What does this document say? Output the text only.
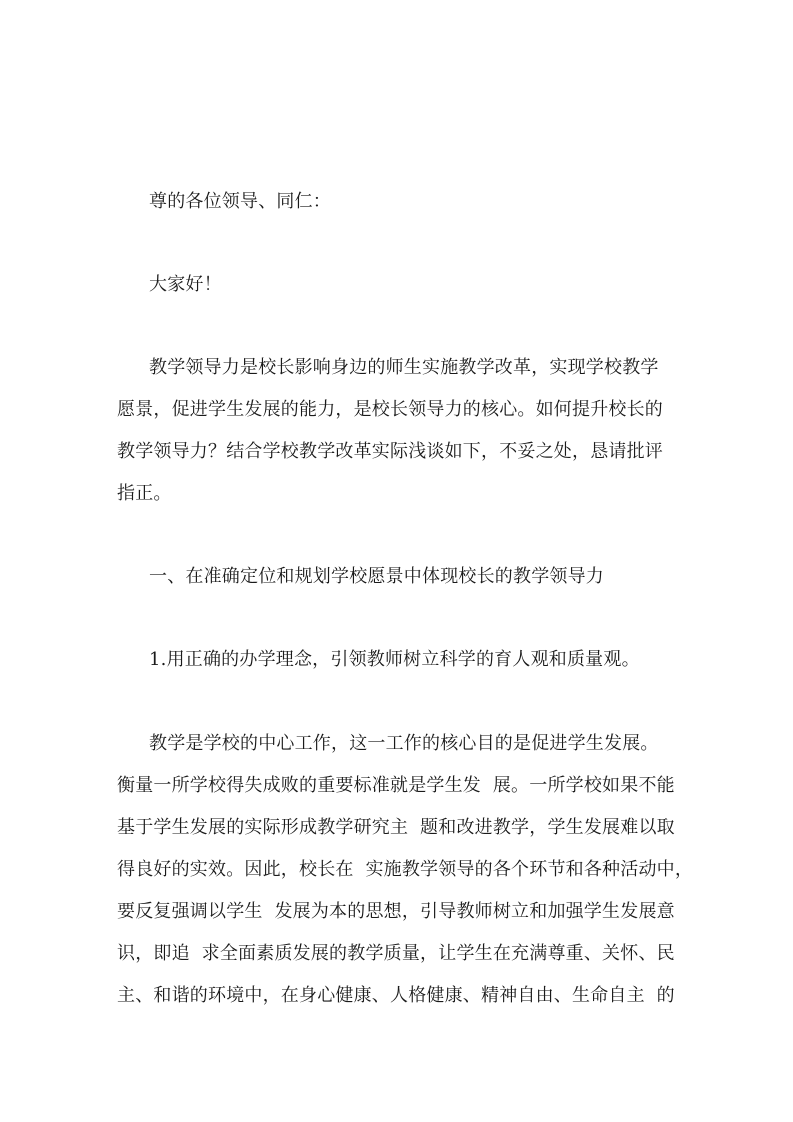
尊的各位领导、同仁：
大家好！
教学领导力是校长影响身边的师生实施教学改革，实现学校教学
愿景，促进学生发展的能力，是校长领导力的核心。如何提升校长的
教学领导力？结合学校教学改革实际浅谈如下，不妥之处，恳请批评
指正。
一、在准确定位和规划学校愿景中体现校长的教学领导力
1.用正确的办学理念，引领教师树立科学的育人观和质量观。
教学是学校的中心工作，这一工作的核心目的是促进学生发展。
衡量一所学校得失成败的重要标准就是学生发  展。一所学校如果不能
基于学生发展的实际形成教学研究主  题和改进教学，学生发展难以取
得良好的实效。因此，校长在  实施教学领导的各个环节和各种活动中，
要反复强调以学生  发展为本的思想，引导教师树立和加强学生发展意
识，即追  求全面素质发展的教学质量，让学生在充满尊重、关怀、民
主、和谐的环境中，在身心健康、人格健康、精神自由、生命自主  的
